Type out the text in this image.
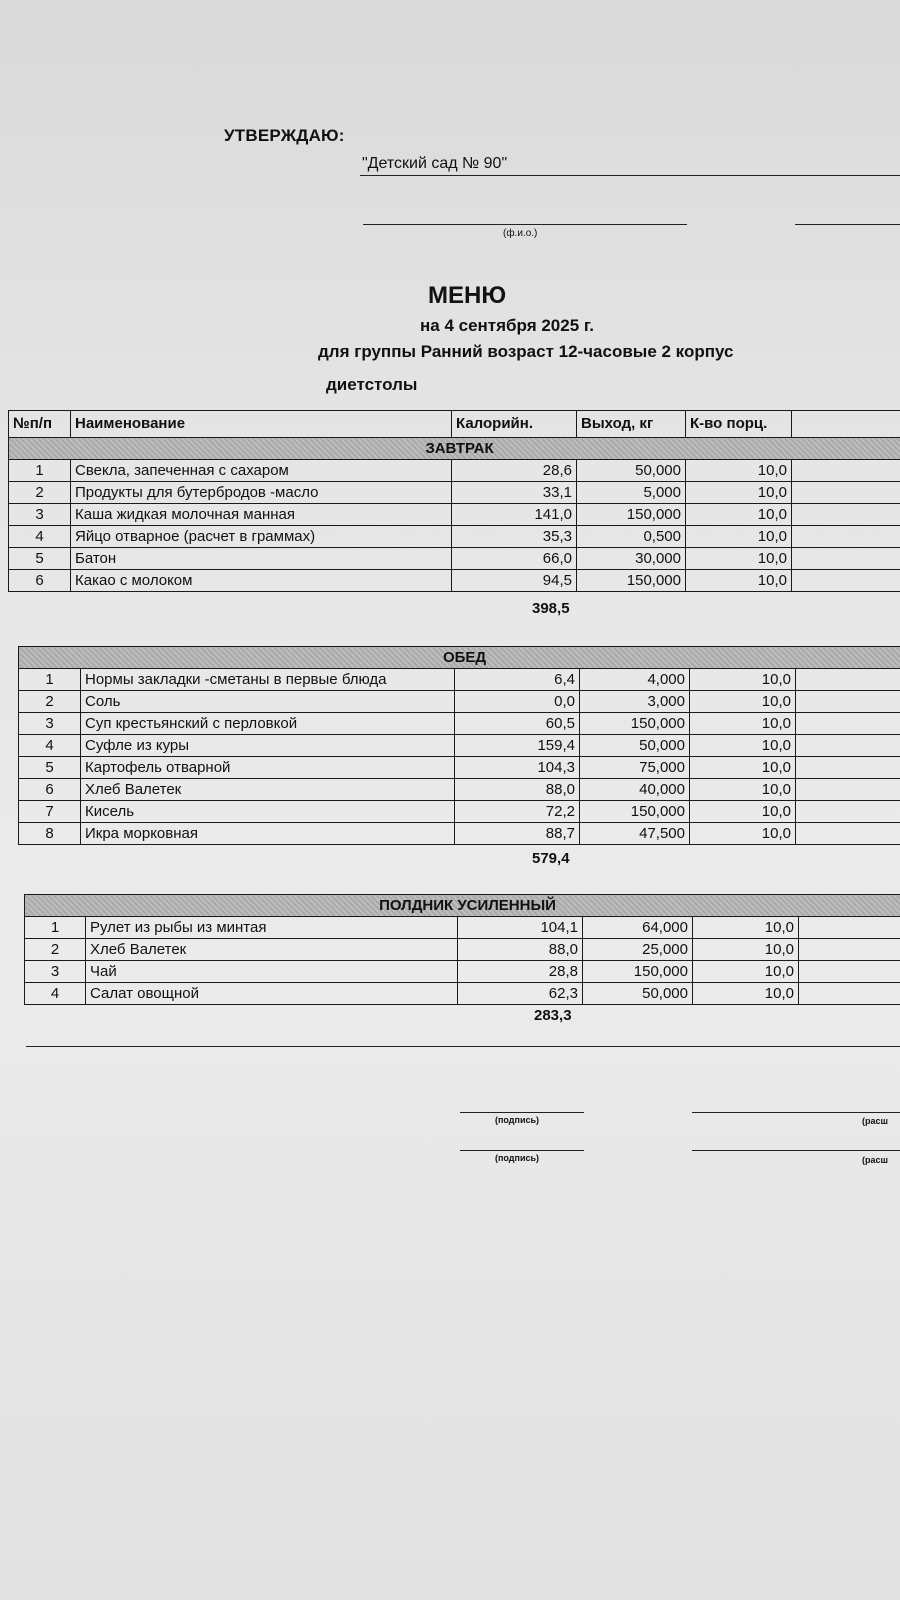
УТВЕРЖДАЮ:
"Детский сад № 90"
(ф.и.о.)
МЕНЮ
на 4 сентября 2025 г.
для группы Ранний возраст 12-часовые 2 корпус
диетстолы
№п/п	Наименование	Калорийн.	Выход, кг	К-во порц.	
ЗАВТРАК					
1	Свекла, запеченная с сахаром	28,6	50,000	10,0	
2	Продукты для бутербродов -масло	33,1	5,000	10,0	
3	Каша жидкая молочная манная	141,0	150,000	10,0	
4	Яйцо отварное (расчет в граммах)	35,3	0,500	10,0	
5	Батон	66,0	30,000	10,0	
6	Какао с молоком	94,5	150,000	10,0	
398,5
ОБЕД					
1	Нормы закладки -сметаны в первые блюда	6,4	4,000	10,0	
2	Соль	0,0	3,000	10,0	
3	Суп крестьянский с перловкой	60,5	150,000	10,0	
4	Суфле из куры	159,4	50,000	10,0	
5	Картофель отварной	104,3	75,000	10,0	
6	Хлеб Валетек	88,0	40,000	10,0	
7	Кисель	72,2	150,000	10,0	
8	Икра морковная	88,7	47,500	10,0	
579,4
ПОЛДНИК УСИЛЕННЫЙ					
1	Рулет из рыбы из минтая	104,1	64,000	10,0	
2	Хлеб Валетек	88,0	25,000	10,0	
3	Чай	28,8	150,000	10,0	
4	Салат овощной	62,3	50,000	10,0	
283,3
(подпись)	(расш
(подпись)	(расш
